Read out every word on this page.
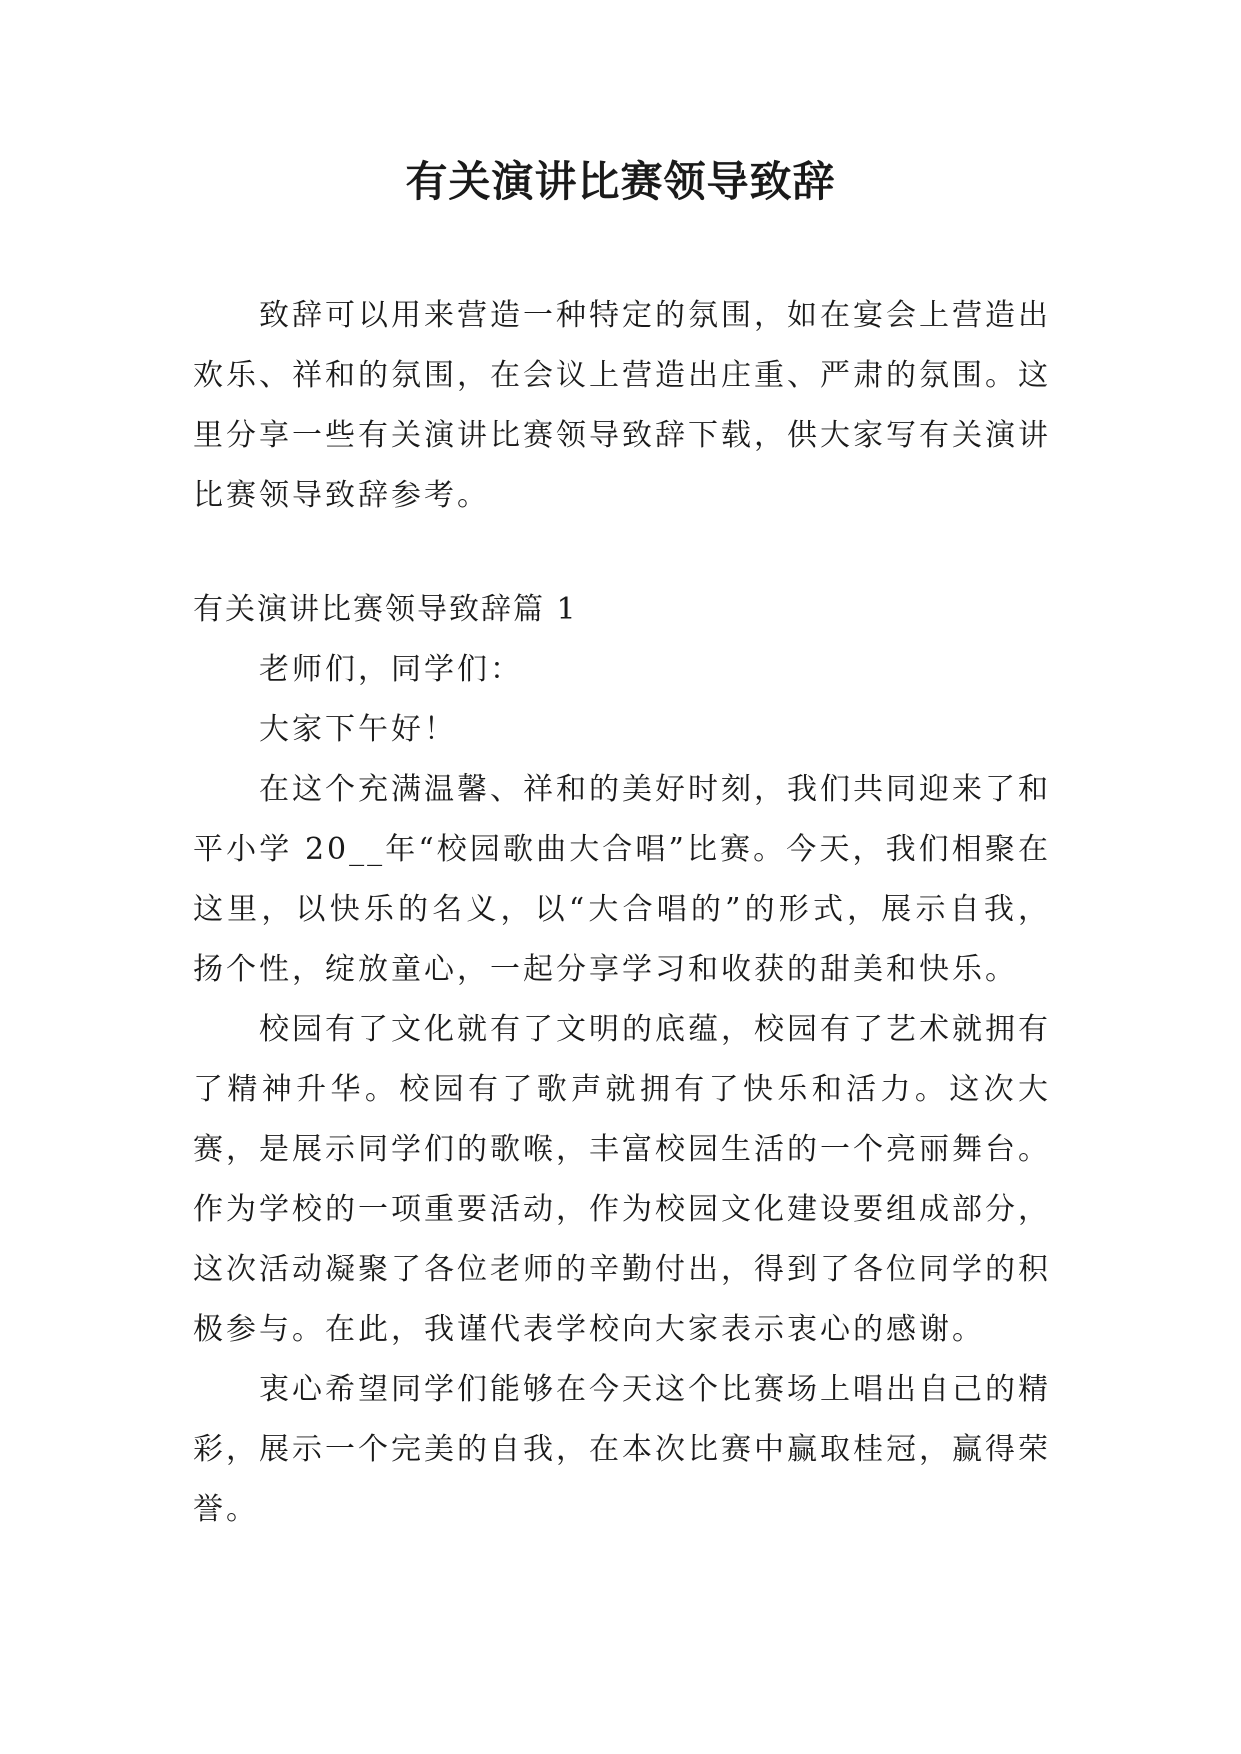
有关演讲比赛领导致辞

致辞可以用来营造一种特定的氛围，如在宴会上营造出欢乐、祥和的氛围，在会议上营造出庄重、严肃的氛围。这里分享一些有关演讲比赛领导致辞下载，供大家写有关演讲比赛领导致辞参考。

有关演讲比赛领导致辞篇 1

老师们，同学们：

大家下午好！

在这个充满温馨、祥和的美好时刻，我们共同迎来了和平小学 20__年“校园歌曲大合唱”比赛。今天，我们相聚在这里，以快乐的名义，以“大合唱的”的形式，展示自我，扬个性，绽放童心，一起分享学习和收获的甜美和快乐。

校园有了文化就有了文明的底蕴，校园有了艺术就拥有了精神升华。校园有了歌声就拥有了快乐和活力。这次大赛，是展示同学们的歌喉，丰富校园生活的一个亮丽舞台。作为学校的一项重要活动，作为校园文化建设要组成部分，这次活动凝聚了各位老师的辛勤付出，得到了各位同学的积极参与。在此，我谨代表学校向大家表示衷心的感谢。

衷心希望同学们能够在今天这个比赛场上唱出自己的精彩，展示一个完美的自我，在本次比赛中赢取桂冠，赢得荣誉。
